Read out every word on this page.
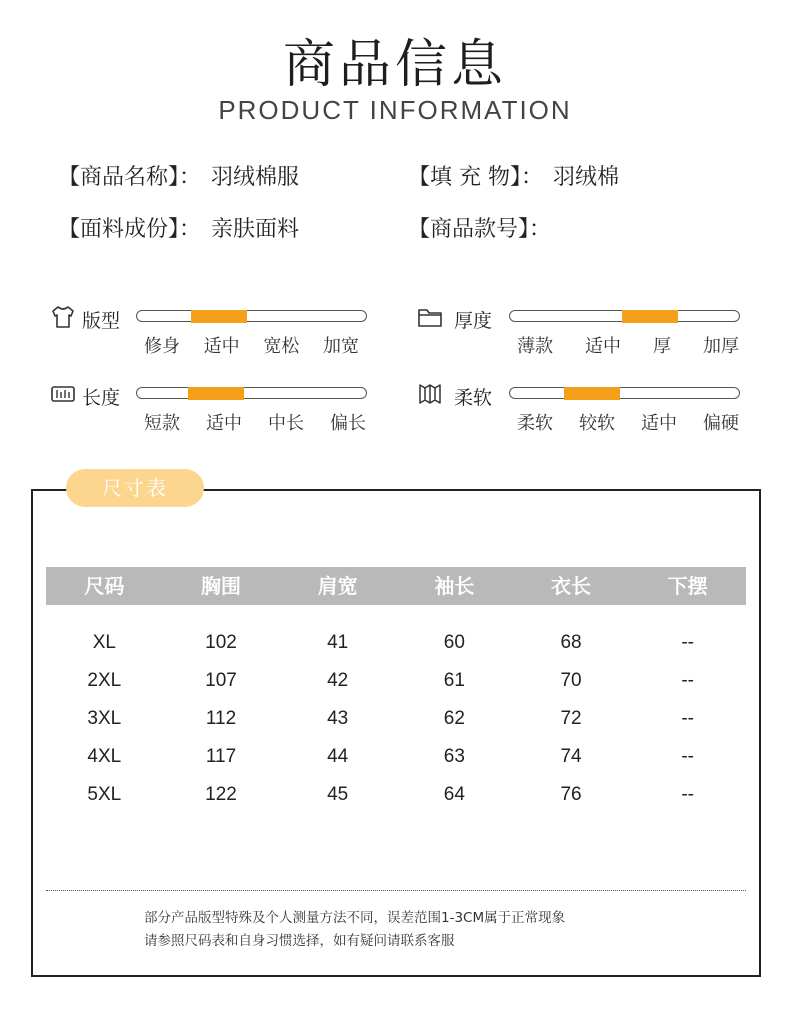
商品信息
PRODUCT INFORMATION
【商品名称】： 羽绒棉服	【填 充 物】： 羽绒棉
【面料成份】： 亲肤面料	【商品款号】：
版型
修身 适中 宽松 加宽
厚度
薄款 适中 厚 加厚
长度
短款 适中 中长 偏长
柔软
柔软 较软 适中 偏硬
尺寸表
尺码	胸围	肩宽	袖长	衣长	下摆
XL	102	41	60	68	--
2XL	107	42	61	70	--
3XL	112	43	62	72	--
4XL	117	44	63	74	--
5XL	122	45	64	76	--
部分产品版型特殊及个人测量方法不同，误差范围1-3CM属于正常现象
请参照尺码表和自身习惯选择，如有疑问请联系客服
